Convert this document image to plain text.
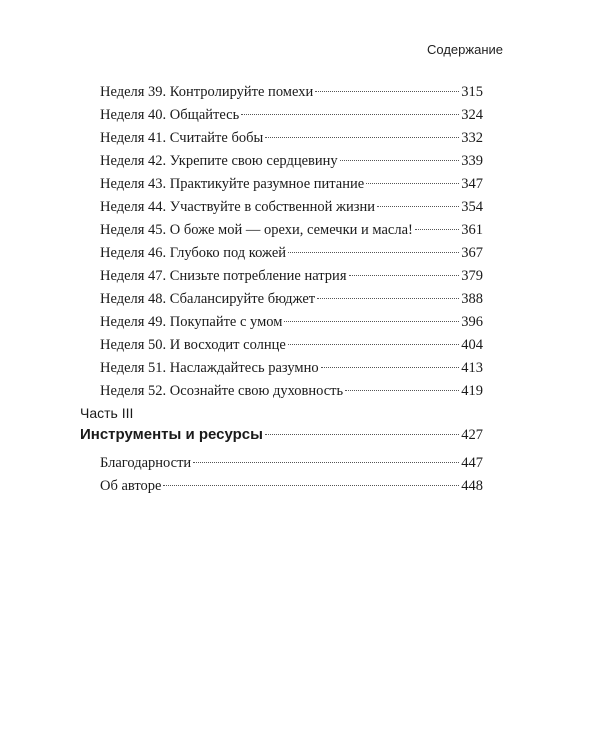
Содержание
Неделя 39. Контролируйте помехи	315
Неделя 40. Общайтесь	324
Неделя 41. Считайте бобы	332
Неделя 42. Укрепите свою сердцевину	339
Неделя 43. Практикуйте разумное питание	347
Неделя 44. Участвуйте в собственной жизни	354
Неделя 45. О боже мой — орехи, семечки и масла!	361
Неделя 46. Глубоко под кожей	367
Неделя 47. Снизьте потребление натрия	379
Неделя 48. Сбалансируйте бюджет	388
Неделя 49. Покупайте с умом	396
Неделя 50. И восходит солнце	404
Неделя 51. Наслаждайтесь разумно	413
Неделя 52. Осознайте свою духовность	419
Часть III
Инструменты и ресурсы	427
Благодарности	447
Об авторе	448
